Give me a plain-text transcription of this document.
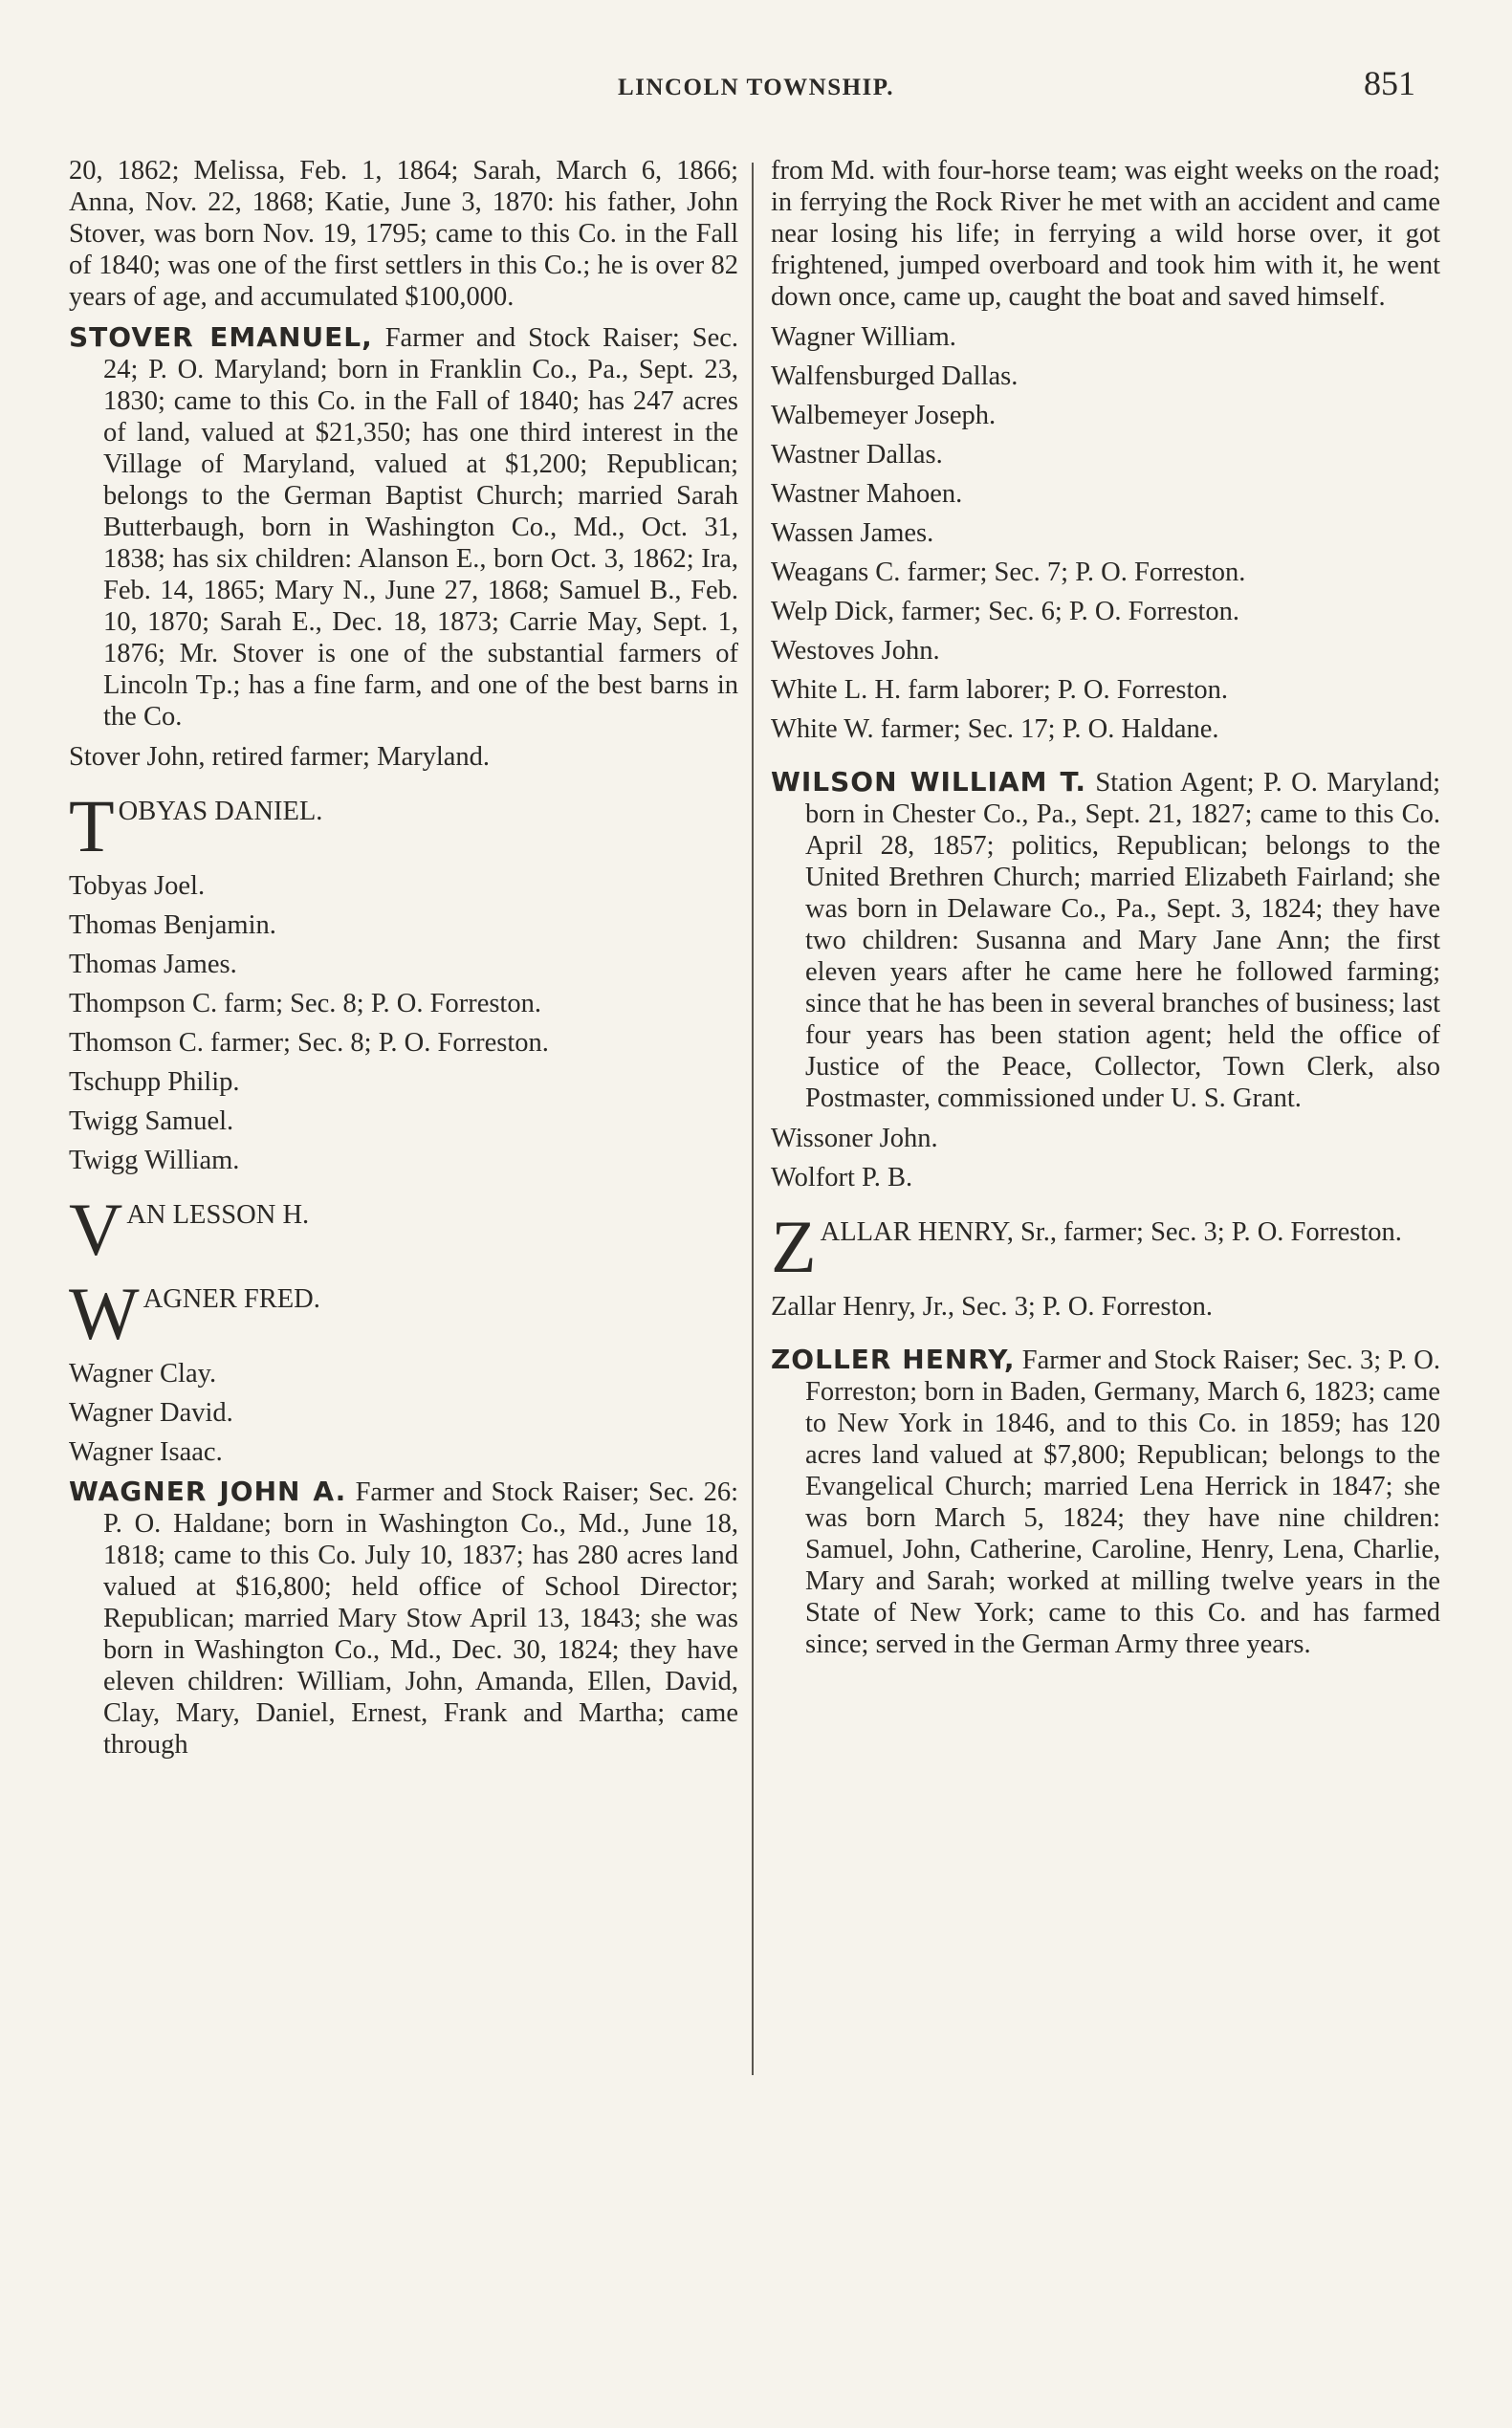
LINCOLN TOWNSHIP.	851

20, 1862; Melissa, Feb. 1, 1864; Sarah, March 6, 1866; Anna, Nov. 22, 1868; Katie, June 3, 1870: his father, John Stover, was born Nov. 19, 1795; came to this Co. in the Fall of 1840; was one of the first settlers in this Co.; he is over 82 years of age, and accumulated $100,000.

STOVER EMANUEL, Farmer and Stock Raiser; Sec. 24; P. O. Maryland; born in Franklin Co., Pa., Sept. 23, 1830; came to this Co. in the Fall of 1840; has 247 acres of land, valued at $21,350; has one third interest in the Village of Maryland, valued at $1,200; Republican; belongs to the German Baptist Church; married Sarah Butterbaugh, born in Washington Co., Md., Oct. 31, 1838; has six children: Alanson E., born Oct. 3, 1862; Ira, Feb. 14, 1865; Mary N., June 27, 1868; Samuel B., Feb. 10, 1870; Sarah E., Dec. 18, 1873; Carrie May, Sept. 1, 1876; Mr. Stover is one of the substantial farmers of Lincoln Tp.; has a fine farm, and one of the best barns in the Co.

Stover John, retired farmer; Maryland.

T OBYAS DANIEL.

Tobyas Joel.

Thomas Benjamin.

Thomas James.

Thompson C. farm; Sec. 8; P. O. Forreston.

Thomson C. farmer; Sec. 8; P. O. Forreston.

Tschupp Philip.

Twigg Samuel.

Twigg William.

V AN LESSON H.
W AGNER FRED.

Wagner Clay.

Wagner David.

Wagner Isaac.

WAGNER JOHN A. Farmer and Stock Raiser; Sec. 26: P. O. Haldane; born in Washington Co., Md., June 18, 1818; came to this Co. July 10, 1837; has 280 acres land valued at $16,800; held office of School Director; Republican; married Mary Stow April 13, 1843; she was born in Washington Co., Md., Dec. 30, 1824; they have eleven children: William, John, Amanda, Ellen, David, Clay, Mary, Daniel, Ernest, Frank and Martha; came through

from Md. with four-horse team; was eight weeks on the road; in ferrying the Rock River he met with an accident and came near losing his life; in ferrying a wild horse over, it got frightened, jumped overboard and took him with it, he went down once, came up, caught the boat and saved himself.

Wagner William.

Walfensburged Dallas.

Walbemeyer Joseph.

Wastner Dallas.

Wastner Mahoen.

Wassen James.

Weagans C. farmer; Sec. 7; P. O. Forreston.

Welp Dick, farmer; Sec. 6; P. O. Forreston.

Westoves John.

White L. H. farm laborer; P. O. Forreston.

White W. farmer; Sec. 17; P. O. Haldane.

WILSON WILLIAM T. Station Agent; P. O. Maryland; born in Chester Co., Pa., Sept. 21, 1827; came to this Co. April 28, 1857; politics, Republican; belongs to the United Brethren Church; married Elizabeth Fairland; she was born in Delaware Co., Pa., Sept. 3, 1824; they have two children: Susanna and Mary Jane Ann; the first eleven years after he came here he followed farming; since that he has been in several branches of business; last four years has been station agent; held the office of Justice of the Peace, Collector, Town Clerk, also Postmaster, commissioned under U. S. Grant.

Wissoner John.

Wolfort P. B.

Z ALLAR HENRY, Sr., farmer; Sec. 3; P. O. Forreston.

Zallar Henry, Jr., Sec. 3; P. O. Forreston.

ZOLLER HENRY, Farmer and Stock Raiser; Sec. 3; P. O. Forreston; born in Baden, Germany, March 6, 1823; came to New York in 1846, and to this Co. in 1859; has 120 acres land valued at $7,800; Republican; belongs to the Evangelical Church; married Lena Herrick in 1847; she was born March 5, 1824; they have nine children: Samuel, John, Catherine, Caroline, Henry, Lena, Charlie, Mary and Sarah; worked at milling twelve years in the State of New York; came to this Co. and has farmed since; served in the German Army three years.
